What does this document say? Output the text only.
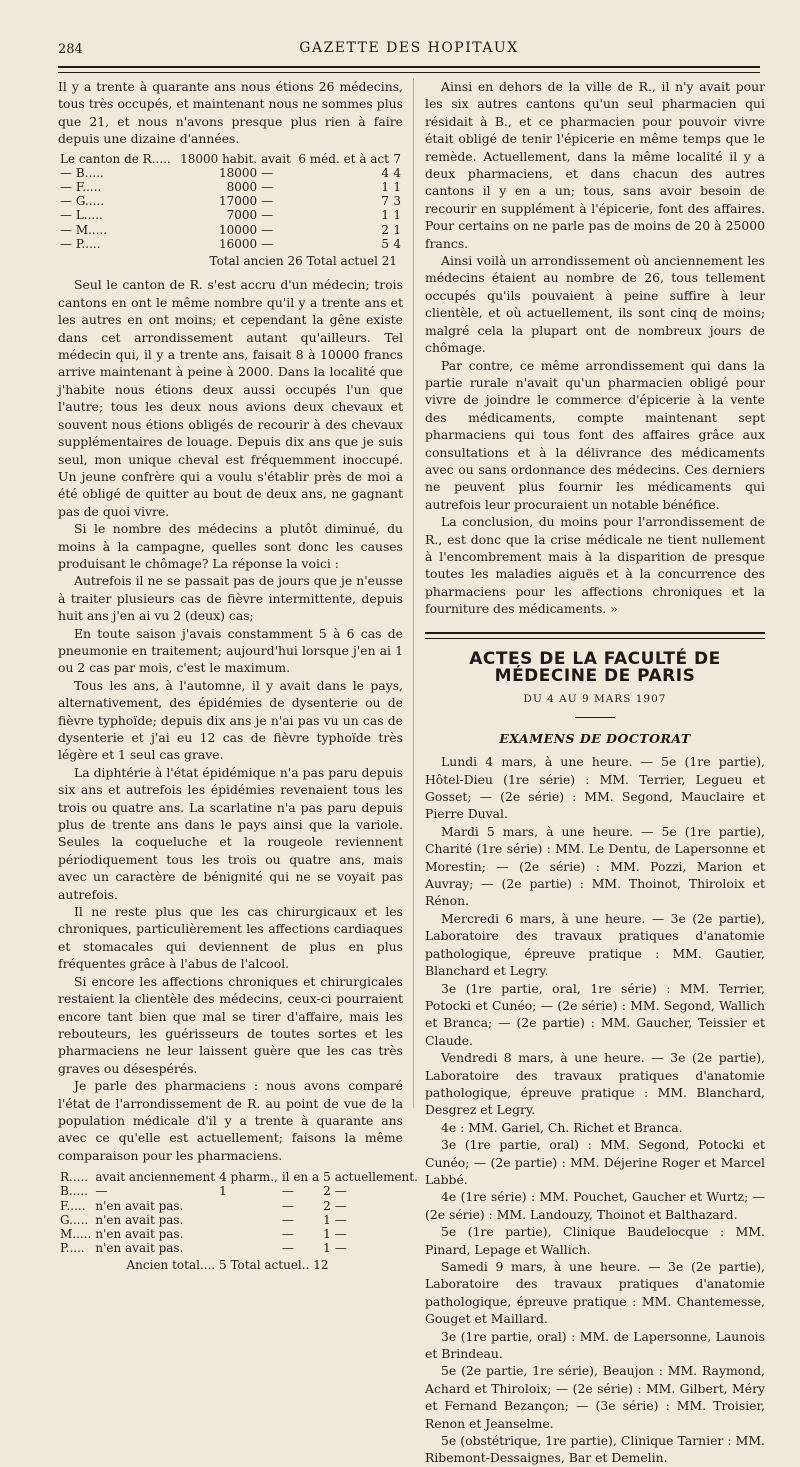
284	GAZETTE DES HOPITAUX

Il y a trente à quarante ans nous étions 26 médecins, tous très occupés, et maintenant nous ne sommes plus que 21, et nous n'avons presque plus rien à faire depuis une dizaine d'années.

Le canton de R.....	18000 habit.	avait	6 méd. et à act	7
— B.....	18000	—	4	4
— F.....	8000	—	1	1
— G.....	17000	—	7	3
— L.....	7000	—	1	1
— M.....	10000	—	2	1
— P.....	16000	—	5	4
Total ancien 26 Total actuel 21

Seul le canton de R. s'est accru d'un médecin; trois cantons en ont le même nombre qu'il y a trente ans et les autres en ont moins; et cependant la gêne existe dans cet arrondissement autant qu'ailleurs. Tel médecin qui, il y a trente ans, faisait 8 à 10000 francs arrive maintenant à peine à 2000. Dans la localité que j'habite nous étions deux aussi occupés l'un que l'autre; tous les deux nous avions deux chevaux et souvent nous étions obligés de recourir à des chevaux supplémentaires de louage. Depuis dix ans que je suis seul, mon unique cheval est fréquemment inoccupé. Un jeune confrère qui a voulu s'établir près de moi a été obligé de quitter au bout de deux ans, ne gagnant pas de quoi vivre.

Si le nombre des médecins a plutôt diminué, du moins à la campagne, quelles sont donc les causes produisant le chômage? La réponse la voici :

Autrefois il ne se passait pas de jours que je n'eusse à traiter plusieurs cas de fièvre intermittente, depuis huit ans j'en ai vu 2 (deux) cas;

En toute saison j'avais constamment 5 à 6 cas de pneumonie en traitement; aujourd'hui lorsque j'en ai 1 ou 2 cas par mois, c'est le maximum.

Tous les ans, à l'automne, il y avait dans le pays, alternativement, des épidémies de dysenterie ou de fièvre typhoïde; depuis dix ans je n'ai pas vu un cas de dysenterie et j'ai eu 12 cas de fièvre typhoïde très légère et 1 seul cas grave.

La diphtérie à l'état épidémique n'a pas paru depuis six ans et autrefois les épidémies revenaient tous les trois ou quatre ans. La scarlatine n'a pas paru depuis plus de trente ans dans le pays ainsi que la variole. Seules la coqueluche et la rougeole reviennent périodiquement tous les trois ou quatre ans, mais avec un caractère de bénignité qui ne se voyait pas autrefois.

Il ne reste plus que les cas chirurgicaux et les chroniques, particulièrement les affections cardiaques et stomacales qui deviennent de plus en plus fréquentes grâce à l'abus de l'alcool.

Si encore les affections chroniques et chirurgicales restaient la clientèle des médecins, ceux-ci pourraient encore tant bien que mal se tirer d'affaire, mais les rebouteurs, les guérisseurs de toutes sortes et les pharmaciens ne leur laissent guère que les cas très graves ou désespérés.

Je parle des pharmaciens : nous avons comparé l'état de l'arrondissement de R. au point de vue de la population médicale d'il y a trente à quarante ans avec ce qu'elle est actuellement; faisons la même comparaison pour les pharmaciens.

R.....	avait anciennement	4 pharm.,	il en a	5	actuellement.
B.....	—	1	—	2	—
F.....	n'en avait pas.		—	2	—
G.....	n'en avait pas.		—	1	—
M.....	n'en avait pas.		—	1	—
P.....	n'en avait pas.		—	1	—
Ancien total.... 5 Total actuel.. 12

Ainsi en dehors de la ville de R., il n'y avait pour les six autres cantons qu'un seul pharmacien qui résidait à B., et ce pharmacien pour pouvoir vivre était obligé de tenir l'épicerie en même temps que le remède. Actuellement, dans la même localité il y a deux pharmaciens, et dans chacun des autres cantons il y en a un; tous, sans avoir besoin de recourir en supplément à l'épicerie, font des affaires. Pour certains on ne parle pas de moins de 20 à 25000 francs.

Ainsi voilà un arrondissement où anciennement les médecins étaient au nombre de 26, tous tellement occupés qu'ils pouvaient à peine suffire à leur clientèle, et où actuellement, ils sont cinq de moins; malgré cela la plupart ont de nombreux jours de chômage.

Par contre, ce même arrondissement qui dans la partie rurale n'avait qu'un pharmacien obligé pour vivre de joindre le commerce d'épicerie à la vente des médicaments, compte maintenant sept pharmaciens qui tous font des affaires grâce aux consultations et à la délivrance des médicaments avec ou sans ordonnance des médecins. Ces derniers ne peuvent plus fournir les médicaments qui autrefois leur procuraient un notable bénéfice.

La conclusion, du moins pour l'arrondissement de R., est donc que la crise médicale ne tient nullement à l'encombrement mais à la disparition de presque toutes les maladies aiguës et à la concurrence des pharmaciens pour les affections chroniques et la fourniture des médicaments. »

ACTES DE LA FACULTÉ DE MÉDECINE DE PARIS
DU 4 AU 9 MARS 1907
EXAMENS DE DOCTORAT

Lundi 4 mars, à une heure. — 5e (1re partie), Hôtel-Dieu (1re série) : MM. Terrier, Legueu et Gosset; — (2e série) : MM. Segond, Mauclaire et Pierre Duval.

Mardi 5 mars, à une heure. — 5e (1re partie), Charité (1re série) : MM. Le Dentu, de Lapersonne et Morestin; — (2e série) : MM. Pozzi, Marion et Auvray; — (2e partie) : MM. Thoinot, Thiroloix et Rénon.

Mercredi 6 mars, à une heure. — 3e (2e partie), Laboratoire des travaux pratiques d'anatomie pathologique, épreuve pratique : MM. Gautier, Blanchard et Legry.

3e (1re partie, oral, 1re série) : MM. Terrier, Potocki et Cunéo; — (2e série) : MM. Segond, Wallich et Branca; — (2e partie) : MM. Gaucher, Teissier et Claude.

Vendredi 8 mars, à une heure. — 3e (2e partie), Laboratoire des travaux pratiques d'anatomie pathologique, épreuve pratique : MM. Blanchard, Desgrez et Legry.

4e : MM. Gariel, Ch. Richet et Branca.

3e (1re partie, oral) : MM. Segond, Potocki et Cunéo; — (2e partie) : MM. Déjerine Roger et Marcel Labbé.

4e (1re série) : MM. Pouchet, Gaucher et Wurtz; — (2e série) : MM. Landouzy, Thoinot et Balthazard.

5e (1re partie), Clinique Baudelocque : MM. Pinard, Lepage et Wallich.

Samedi 9 mars, à une heure. — 3e (2e partie), Laboratoire des travaux pratiques d'anatomie pathologique, épreuve pratique : MM. Chantemesse, Gouget et Maillard.

3e (1re partie, oral) : MM. de Lapersonne, Launois et Brindeau.

5e (2e partie, 1re série), Beaujon : MM. Raymond, Achard et Thiroloix; — (2e série) : MM. Gilbert, Méry et Fernand Bezançon; — (3e série) : MM. Troisier, Renon et Jeanselme.

5e (obstétrique, 1re partie), Clinique Tarnier : MM. Ribemont-Dessaignes, Bar et Demelin.
